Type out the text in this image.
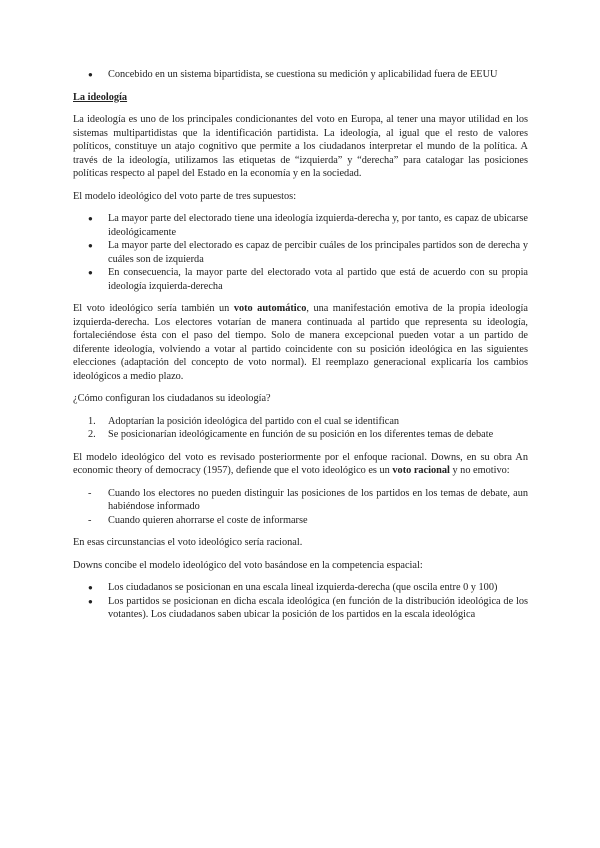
● Concebido en un sistema bipartidista, se cuestiona su medición y aplicabilidad fuera de EEUU

La ideología

La ideología es uno de los principales condicionantes del voto en Europa, al tener una mayor utilidad en los sistemas multipartidistas que la identificación partidista. La ideología, al igual que el resto de valores políticos, constituye un atajo cognitivo que permite a los ciudadanos interpretar el mundo de la política. A través de la ideología, utilizamos las etiquetas de “izquierda” y “derecha” para catalogar las posiciones políticas respecto al papel del Estado en la economía y en la sociedad.

El modelo ideológico del voto parte de tres supuestos:

● La mayor parte del electorado tiene una ideología izquierda-derecha y, por tanto, es capaz de ubicarse ideológicamente
● La mayor parte del electorado es capaz de percibir cuáles de los principales partidos son de derecha y cuáles son de izquierda
● En consecuencia, la mayor parte del electorado vota al partido que está de acuerdo con su propia ideología izquierda-derecha

El voto ideológico sería también un voto automático, una manifestación emotiva de la propia ideología izquierda-derecha. Los electores votarían de manera continuada al partido que representa su ideología, fortaleciéndose ésta con el paso del tiempo. Solo de manera excepcional pueden votar a un partido de diferente ideología, volviendo a votar al partido coincidente con su posición ideológica en las siguientes elecciones (adaptación del concepto de voto normal). El reemplazo generacional explicaría los cambios ideológicos a medio plazo.

¿Cómo configuran los ciudadanos su ideología?

1. Adoptarían la posición ideológica del partido con el cual se identifican
2. Se posicionarían ideológicamente en función de su posición en los diferentes temas de debate

El modelo ideológico del voto es revisado posteriormente por el enfoque racional. Downs, en su obra An economic theory of democracy (1957), defiende que el voto ideológico es un voto racional y no emotivo:

- Cuando los electores no pueden distinguir las posiciones de los partidos en los temas de debate, aun habiéndose informado
- Cuando quieren ahorrarse el coste de informarse

En esas circunstancias el voto ideológico sería racional.

Downs concibe el modelo ideológico del voto basándose en la competencia espacial:

● Los ciudadanos se posicionan en una escala lineal izquierda-derecha (que oscila entre 0 y 100)
● Los partidos se posicionan en dicha escala ideológica (en función de la distribución ideológica de los votantes). Los ciudadanos saben ubicar la posición de los partidos en la escala ideológica
